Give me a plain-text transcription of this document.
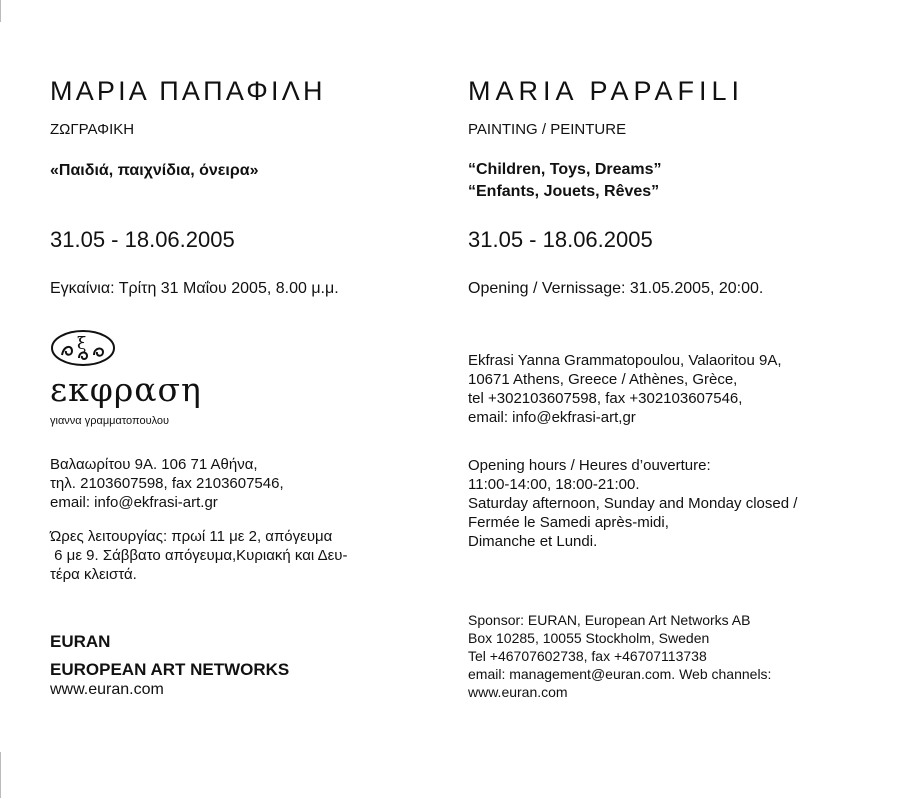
ΜΑΡΙΑ ΠΑΠΑΦΙΛΗ
ΖΩΓΡΑΦΙΚΗ
«Παιδιά, παιχνίδια, όνειρα»
31.05 - 18.06.2005
Εγκαίνια: Τρίτη 31 Μαΐου 2005, 8.00 μ.μ.
ξ
εκφραση
γιαννα γραμματοπουλου
Βαλαωρίτου 9Α. 106 71 Αθήνα,
τηλ. 2103607598, fax 2103607546,
email: info@ekfrasi-art.gr
Ώρες λειτουργίας: πρωί 11 με 2, απόγευμα
6 με 9. Σάββατο απόγευμα,Κυριακή και Δευ-
τέρα κλειστά.
EURAN
EUROPEAN ART NETWORKS
www.euran.com
MARIA PAPAFILI
PAINTING / PEINTURE
“Children, Toys, Dreams”
“Enfants, Jouets, Rêves”
31.05 - 18.06.2005
Opening / Vernissage: 31.05.2005, 20:00.
Ekfrasi Yanna Grammatopoulou, Valaoritou 9A,
10671 Athens, Greece / Athènes, Grèce,
tel +302103607598, fax +302103607546,
email: info@ekfrasi-art,gr
Opening hours / Heures d’ouverture:
11:00-14:00, 18:00-21:00.
Saturday afternoon, Sunday and Monday closed /
Fermée le Samedi après-midi,
Dimanche et Lundi.
Sponsor: EURAN, European Art Networks AB
Box 10285, 10055 Stockholm, Sweden
Tel +46707602738, fax +46707113738
email: management@euran.com. Web channels:
www.euran.com
